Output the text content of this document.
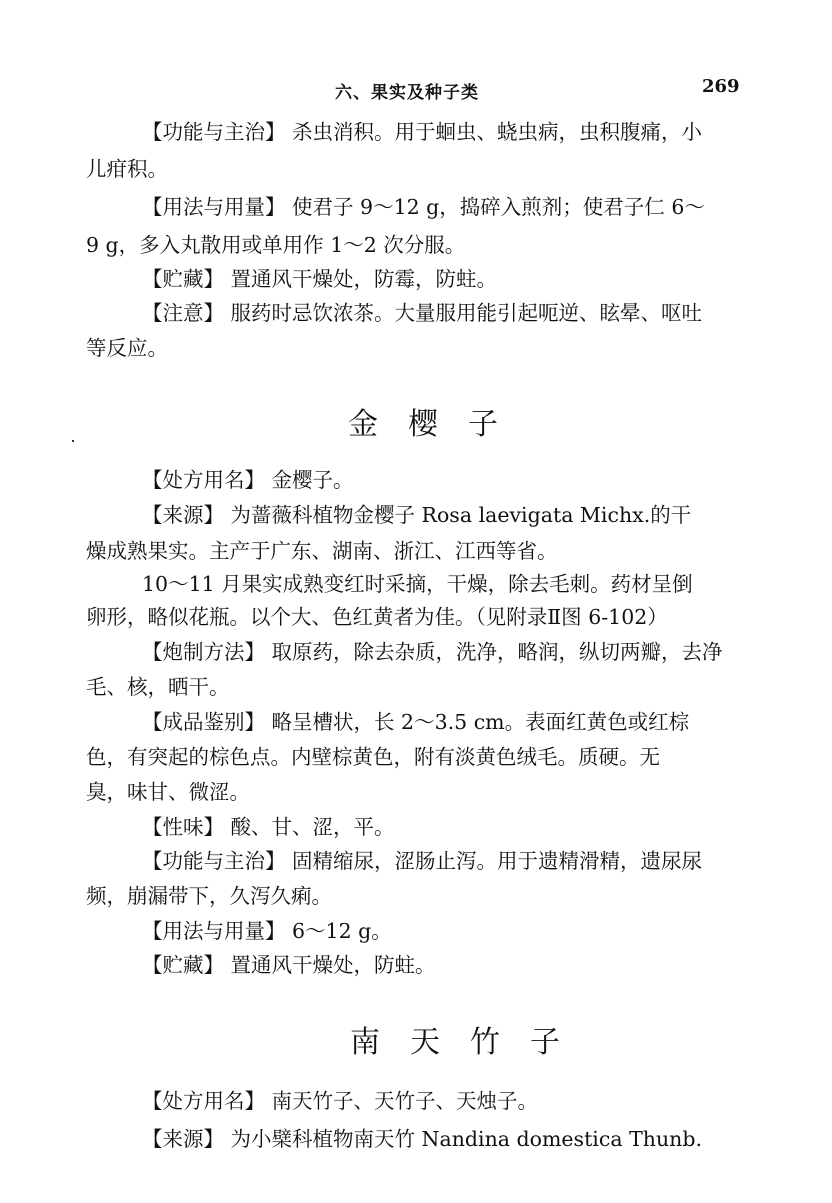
六、果实及种子类	269
【功能与主治】 杀虫消积。用于蛔虫、蛲虫病，虫积腹痛，小
儿疳积。
【用法与用量】 使君子 9～12 g，捣碎入煎剂；使君子仁 6～
9 g，多入丸散用或单用作 1～2 次分服。
【贮藏】 置通风干燥处，防霉，防蛀。
【注意】 服药时忌饮浓茶。大量服用能引起呃逆、眩晕、呕吐
等反应。
金　樱　子
【处方用名】 金樱子。
【来源】 为蔷薇科植物金樱子 Rosa laevigata Michx.的干
燥成熟果实。主产于广东、湖南、浙江、江西等省。
10～11 月果实成熟变红时采摘，干燥，除去毛刺。药材呈倒
卵形，略似花瓶。以个大、色红黄者为佳。（见附录Ⅱ图 6-102）
【炮制方法】 取原药，除去杂质，洗净，略润，纵切两瓣，去净
毛、核，晒干。
【成品鉴别】 略呈槽状，长 2～3.5 cm。表面红黄色或红棕
色，有突起的棕色点。内壁棕黄色，附有淡黄色绒毛。质硬。无
臭，味甘、微涩。
【性味】 酸、甘、涩，平。
【功能与主治】 固精缩尿，涩肠止泻。用于遗精滑精，遗尿尿
频，崩漏带下，久泻久痢。
【用法与用量】 6～12 g。
【贮藏】 置通风干燥处，防蛀。
南　天　竹　子
【处方用名】 南天竹子、天竹子、天烛子。
【来源】 为小檗科植物南天竹 Nandina domestica Thunb.
